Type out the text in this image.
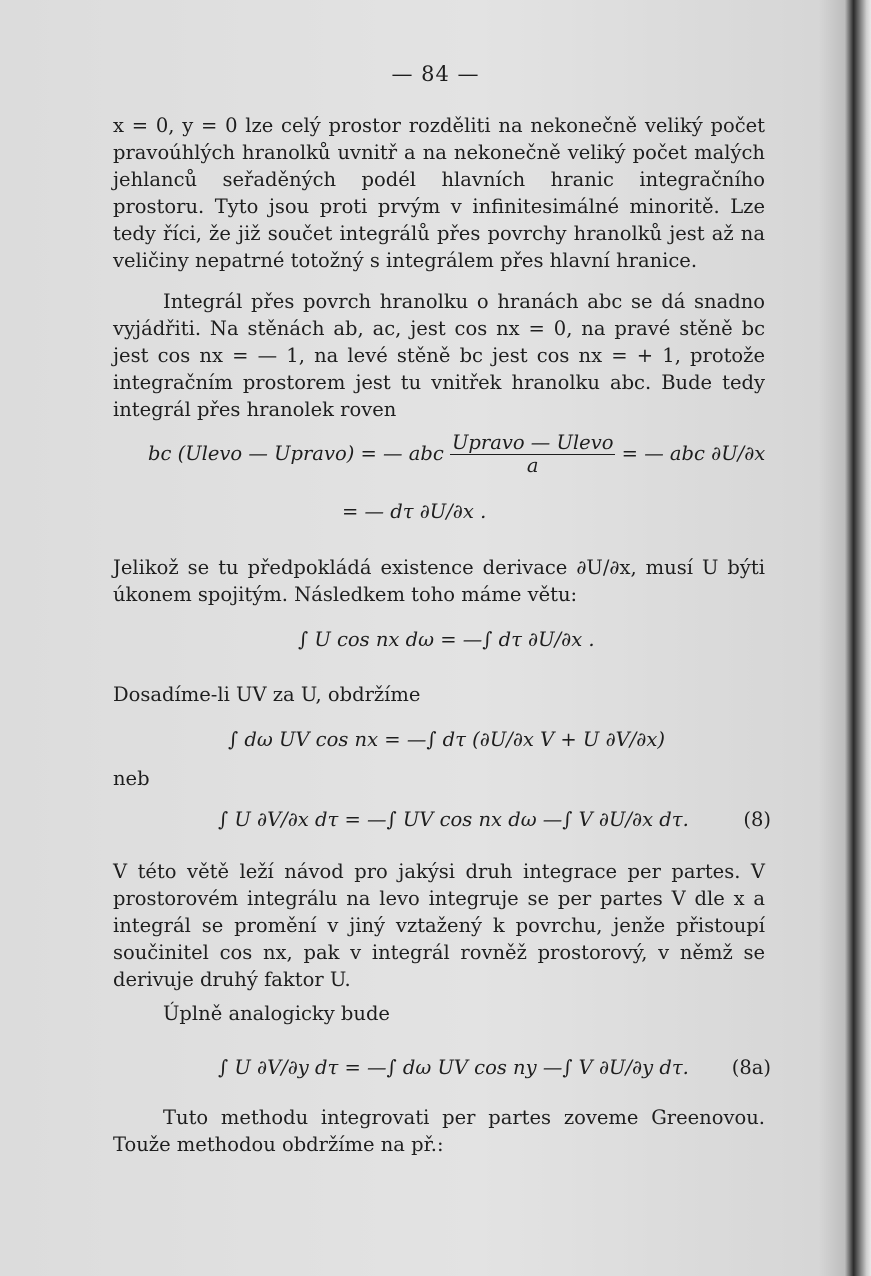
— 84 —

x = 0, y = 0 lze celý prostor rozděliti na nekonečně veliký počet pravoúhlých hranolků uvnitř a na nekonečně veliký počet malých jehlanců seřaděných podél hlavních hranic integračního prostoru. Tyto jsou proti prvým v infinitesimálné minoritě. Lze tedy říci, že již součet integrálů přes povrchy hranolků jest až na veličiny nepatrné totožný s integrálem přes hlavní hranice.

Integrál přes povrch hranolku o hranách abc se dá snadno vyjádřiti. Na stěnách ab, ac, jest cos nx = 0, na pravé stěně bc jest cos nx = — 1, na levé stěně bc jest cos nx = + 1, protože integračním prostorem jest tu vnitřek hranolku abc. Bude tedy integrál přes hranolek roven

bc (Ulevo — Upravo) = — abc $\frac{\text{Upravo — Ulevo}}{a}$ = — abc ∂U/∂x
= — dτ ∂U/∂x .

Jelikož se tu předpokládá existence derivace ∂U/∂x, musí U býti úkonem spojitým. Následkem toho máme větu:

∫ U cos nx dω = —∫ dτ ∂U/∂x .
Dosadíme-li UV za U, obdržíme
∫ dω UV cos nx = —∫ dτ (∂U/∂x V + U ∂V/∂x)
neb
∫ U ∂V/∂x dτ = —∫ UV cos nx dω —∫ V ∂U/∂x dτ.	(8)

V této větě leží návod pro jakýsi druh integrace per partes. V prostorovém integrálu na levo integruje se per partes V dle x a integrál se promění v jiný vztažený k povrchu, jenže přistoupí součinitel cos nx, pak v integrál rovněž prostorový, v němž se derivuje druhý faktor U.

Úplně analogicky bude
∫ U ∂V/∂y dτ = —∫ dω UV cos ny —∫ V ∂U/∂y dτ. (8a)

Tuto methodu integrovati per partes zoveme Greenovou. Touže methodou obdržíme na př.:
